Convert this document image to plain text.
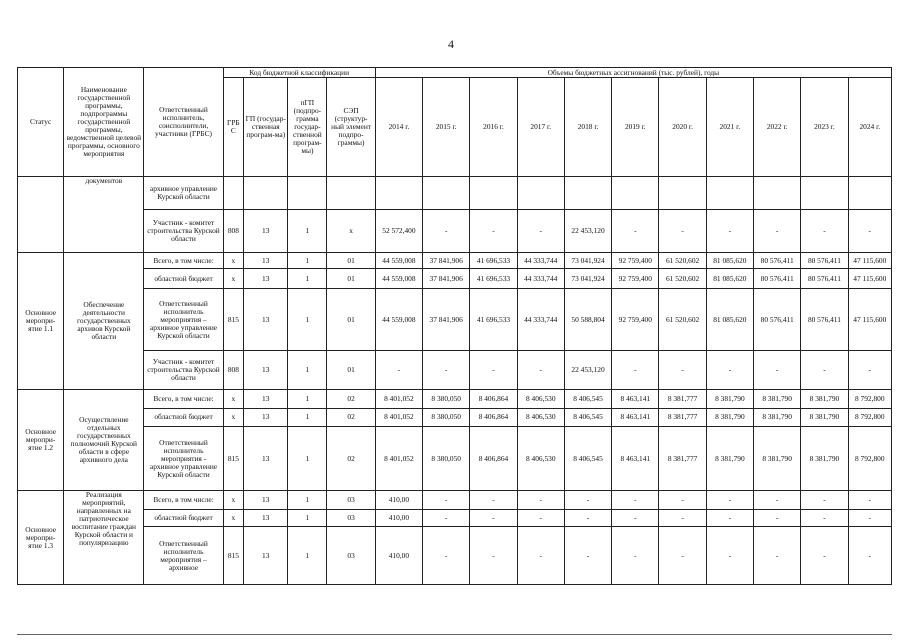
4
Статус	Наименование государственной программы, подпрограммы государственной программы, ведомственной целевой программы, основного мероприятия	Ответственный исполнитель, соисполнители, участники (ГРБС)	Код бюджетной классификации				Объемы бюджетных ассигнований (тыс. рублей), годы										
			ГРБ С	ГП (государ-ственная програм-ма)	пГП (подпро-грамма государ-ственной програм-мы)	СЭП (структур-ный элемент подпро-граммы)	2014 г.	2015 г.	2016 г.	2017 г.	2018 г.	2019 г.	2020 г.	2021 г.	2022 г.	2023 г.	2024 г.
	документов	архивное управление Курской области															
		Участник - комитет строительства Курской области	808	13	1	х	52 572,400	-	-	-	22 453,120	-	-	-	-	-	-
Основное меропри-ятие 1.1	Обеспечение деятельности государственных архивов Курской области	Всего, в том числе:	х	13	1	01	44 559,008	37 841,906	41 696,533	44 333,744	73 041,924	92 759,400	61 520,602	81 085,620	80 576,411	80 576,411	47 115,600
		областной бюджет	х	13	1	01	44 559,008	37 841,906	41 696,533	44 333,744	73 041,924	92 759,400	61 520,602	81 085,620	80 576,411	80 576,411	47 115,600
		Ответственный исполнитель мероприятия – архивное управление Курской области	815	13	1	01	44 559,008	37 841,906	41 696,533	44 333,744	50 588,804	92 759,400	61 520,602	81 085,620	80 576,411	80 576,411	47 115,600
		Участник - комитет строительства Курской области	808	13	1	01	-	-	-	-	22 453,120	-	-	-	-	-	-
Основное меропри-ятие 1.2	Осуществление отдельных государственных полномочий Курской области в сфере архивного дела	Всего, в том числе:	х	13	1	02	8 401,052	8 380,050	8 406,864	8 406,530	8 406,545	8 463,141	8 381,777	8 381,790	8 381,790	8 381,790	8 792,800
		областной бюджет	х	13	1	02	8 401,052	8 380,050	8 406,864	8 406,530	8 406,545	8 463,141	8 381,777	8 381,790	8 381,790	8 381,790	8 792,800
		Ответственный исполнитель мероприятия - архивное управление Курской области	815	13	1	02	8 401,052	8 380,050	8 406,864	8 406,530	8 406,545	8 463,141	8 381,777	8 381,790	8 381,790	8 381,790	8 792,800
Основное меропри-ятие 1.3	Реализация мероприятий, направленных на патриотическое воспитание граждан Курской области и популяризацию	Всего, в том числе:	х	13	1	03	410,00	-	-	-	-	-	-	-	-	-	-
		областной бюджет	х	13	1	03	410,00	-	-	-	-	-	-	-	-	-	-
		Ответственный исполнитель мероприятия – архивное	815	13	1	03	410,00	-	-	-	-	-	-	-	-	-	-
